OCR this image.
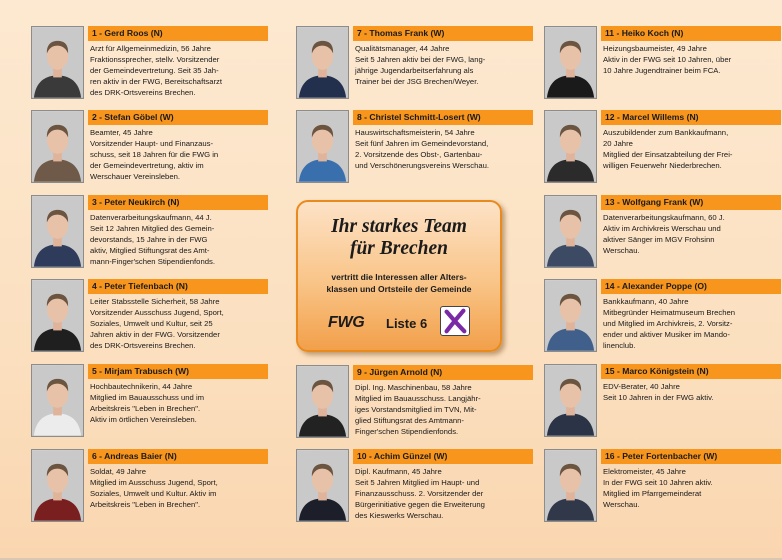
1 - Gerd Roos (N)
Arzt für Allgemeinmedizin, 56 Jahre
Fraktionssprecher, stellv. Vorsitzender
der Gemeindevertretung. Seit 35 Jah-
ren aktiv in der FWG, Bereitschaftsarzt
des DRK-Ortsvereins Brechen.
2 - Stefan Göbel (W)
Beamter, 45 Jahre
Vorsitzender Haupt- und Finanzaus-
schuss, seit 18 Jahren für die FWG in
der Gemeindevertretung, aktiv im
Werschauer Vereinsleben.
3 - Peter Neukirch (N)
Datenverarbeitungskaufmann, 44 J.
Seit 12 Jahren Mitglied des Gemein-
devorstands, 15 Jahre in der FWG
aktiv, Mitglied Stiftungsrat des Amt-
mann-Finger'schen Stipendienfonds.
4 - Peter Tiefenbach (N)
Leiter Stabsstelle Sicherheit, 58 Jahre
Vorsitzender Ausschuss Jugend, Sport,
Soziales, Umwelt und Kultur, seit 25
Jahren aktiv in der FWG. Vorsitzender
des DRK-Ortsvereins Brechen.
5 - Mirjam Trabusch (W)
Hochbautechnikerin, 44 Jahre
Mitglied im Bauausschuss und im
Arbeitskreis "Leben in Brechen".
Aktiv im örtlichen Vereinsleben.
6 - Andreas Baier (N)
Soldat, 49 Jahre
Mitglied im Ausschuss Jugend, Sport,
Soziales, Umwelt und Kultur. Aktiv im
Arbeitskreis "Leben in Brechen".
7 - Thomas Frank (W)
Qualitätsmanager, 44 Jahre
Seit 5 Jahren aktiv bei der FWG, lang-
jährige Jugendarbeitserfahrung als
Trainer bei der JSG Brechen/Weyer.
8 - Christel Schmitt-Losert (W)
Hauswirtschaftsmeisterin, 54 Jahre
Seit fünf Jahren im Gemeindevorstand,
2. Vorsitzende des Obst-, Gartenbau-
und Verschönerungsvereins Werschau.
9 - Jürgen Arnold (N)
Dipl. Ing. Maschinenbau, 58 Jahre
Mitglied im Bauausschuss. Langjähr-
iges Vorstandsmitglied im TVN, Mit-
glied Stiftungsrat des Amtmann-
Finger'schen Stipendienfonds.
10 - Achim Günzel (W)
Dipl. Kaufmann, 45 Jahre
Seit 5 Jahren Mitglied im Haupt- und
Finanzausschuss. 2. Vorsitzender der
Bürgerinitiative gegen die Erweiterung
des Kieswerks Werschau.
11 - Heiko Koch (N)
Heizungsbaumeister, 49 Jahre
Aktiv in der FWG seit 10 Jahren, über
10 Jahre Jugendtrainer beim FCA.
12 - Marcel Willems (N)
Auszubildender zum Bankkaufmann,
20 Jahre
Mitglied der Einsatzabteilung der Frei-
willigen Feuerwehr Niederbrechen.
13 - Wolfgang Frank (W)
Datenverarbeitungskaufmann, 60 J.
Aktiv im Archivkreis Werschau und
aktiver Sänger im MGV Frohsinn
Werschau.
14 - Alexander Poppe (O)
Bankkaufmann, 40 Jahre
Mitbegründer Heimatmuseum Brechen
und Mitglied im Archivkreis, 2. Vorsitz-
ender und aktiver Musiker im Mando-
linenclub.
15 - Marco Königstein (N)
EDV-Berater, 40 Jahre
Seit 10 Jahren in der FWG aktiv.
16 - Peter Fortenbacher (W)
Elektromeister, 45 Jahre
In der FWG seit 10 Jahren aktiv.
Mitglied im Pfarrgemeinderat
Werschau.
Ihr starkes Team
für Brechen
vertritt die Interessen aller Alters-
klassen und Ortsteile der Gemeinde
FWG Liste 6
